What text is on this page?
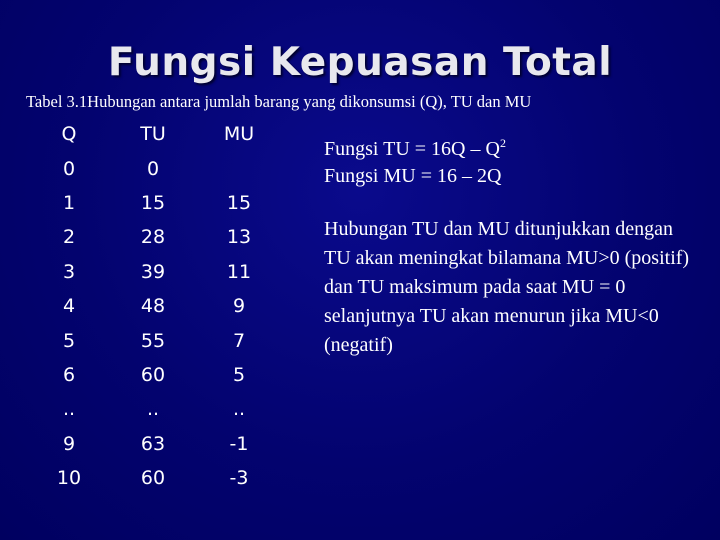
Fungsi Kepuasan Total
Tabel 3.1Hubungan antara jumlah barang yang dikonsumsi (Q), TU dan MU
Q	TU	MU
0	0	
1	15	15
2	28	13
3	39	11
4	48	9
5	55	7
6	60	5
..	..	..
9	63	-1
10	60	-3
Fungsi TU = $16Q - Q^2$
Fungsi MU = 16 – 2Q
Hubungan TU dan MU ditunjukkan dengan TU akan meningkat bilamana MU>0 (positif) dan TU maksimum pada saat MU = 0 selanjutnya TU akan menurun jika MU<0 (negatif)
